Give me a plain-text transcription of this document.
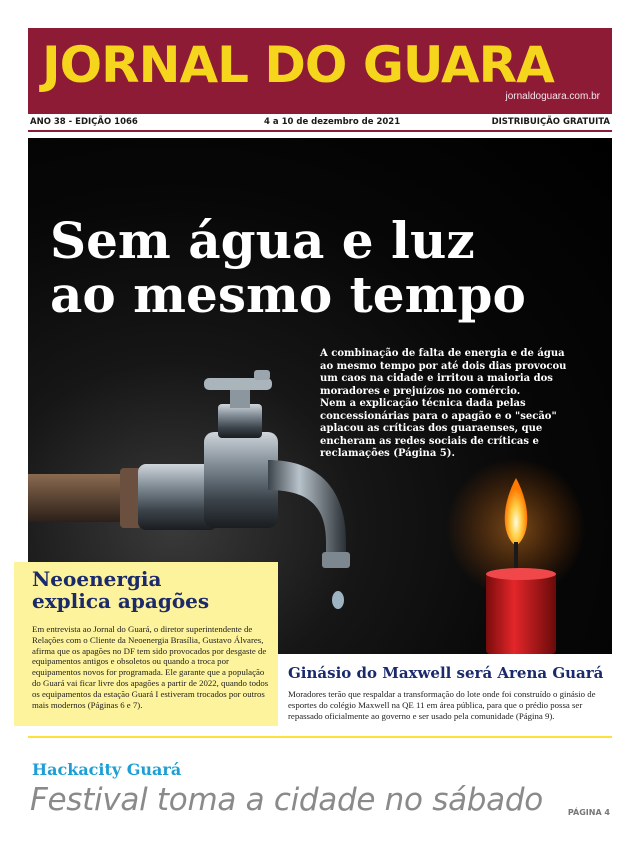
JORNAL DO GUARA
jornaldoguara.com.br
ANO 38 - EDIÇÃO 1066	4 a 10 de dezembro de 2021	DISTRIBUIÇÃO GRATUITA
Sem água e luz
ao mesmo tempo
A combinação de falta de energia e de água ao mesmo tempo por até dois dias provocou um caos na cidade e irritou a maioria dos moradores e prejuízos no comércio.
Nem a explicação técnica dada pelas concessionárias para o apagão e o "secão" aplacou as críticas dos guaraenses, que encheram as redes sociais de críticas e reclamações (Página 5).
Neoenergia
explica apagões
Em entrevista ao Jornal do Guará, o diretor superintendente de Relações com o Cliente da Neoenergia Brasília, Gustavo Álvares, afirma que os apagões no DF tem sido provocados por desgaste de equipamentos antigos e obsoletos ou quando a troca por equipamentos novos for programada. Ele garante que a população do Guará vai ficar livre dos apagões a partir de 2022, quando todos os equipamentos da estação Guará I estiveram trocados por outros mais modernos (Páginas 6 e 7).
Ginásio do Maxwell será Arena Guará
Moradores terão que respaldar a transformação do lote onde foi construído o ginásio de esportes do colégio Maxwell na QE 11 em área pública, para que o prédio possa ser repassado oficialmente ao governo e ser usado pela comunidade (Página 9).
Hackacity Guará
Festival toma a cidade no sábado	PÁGINA 4
